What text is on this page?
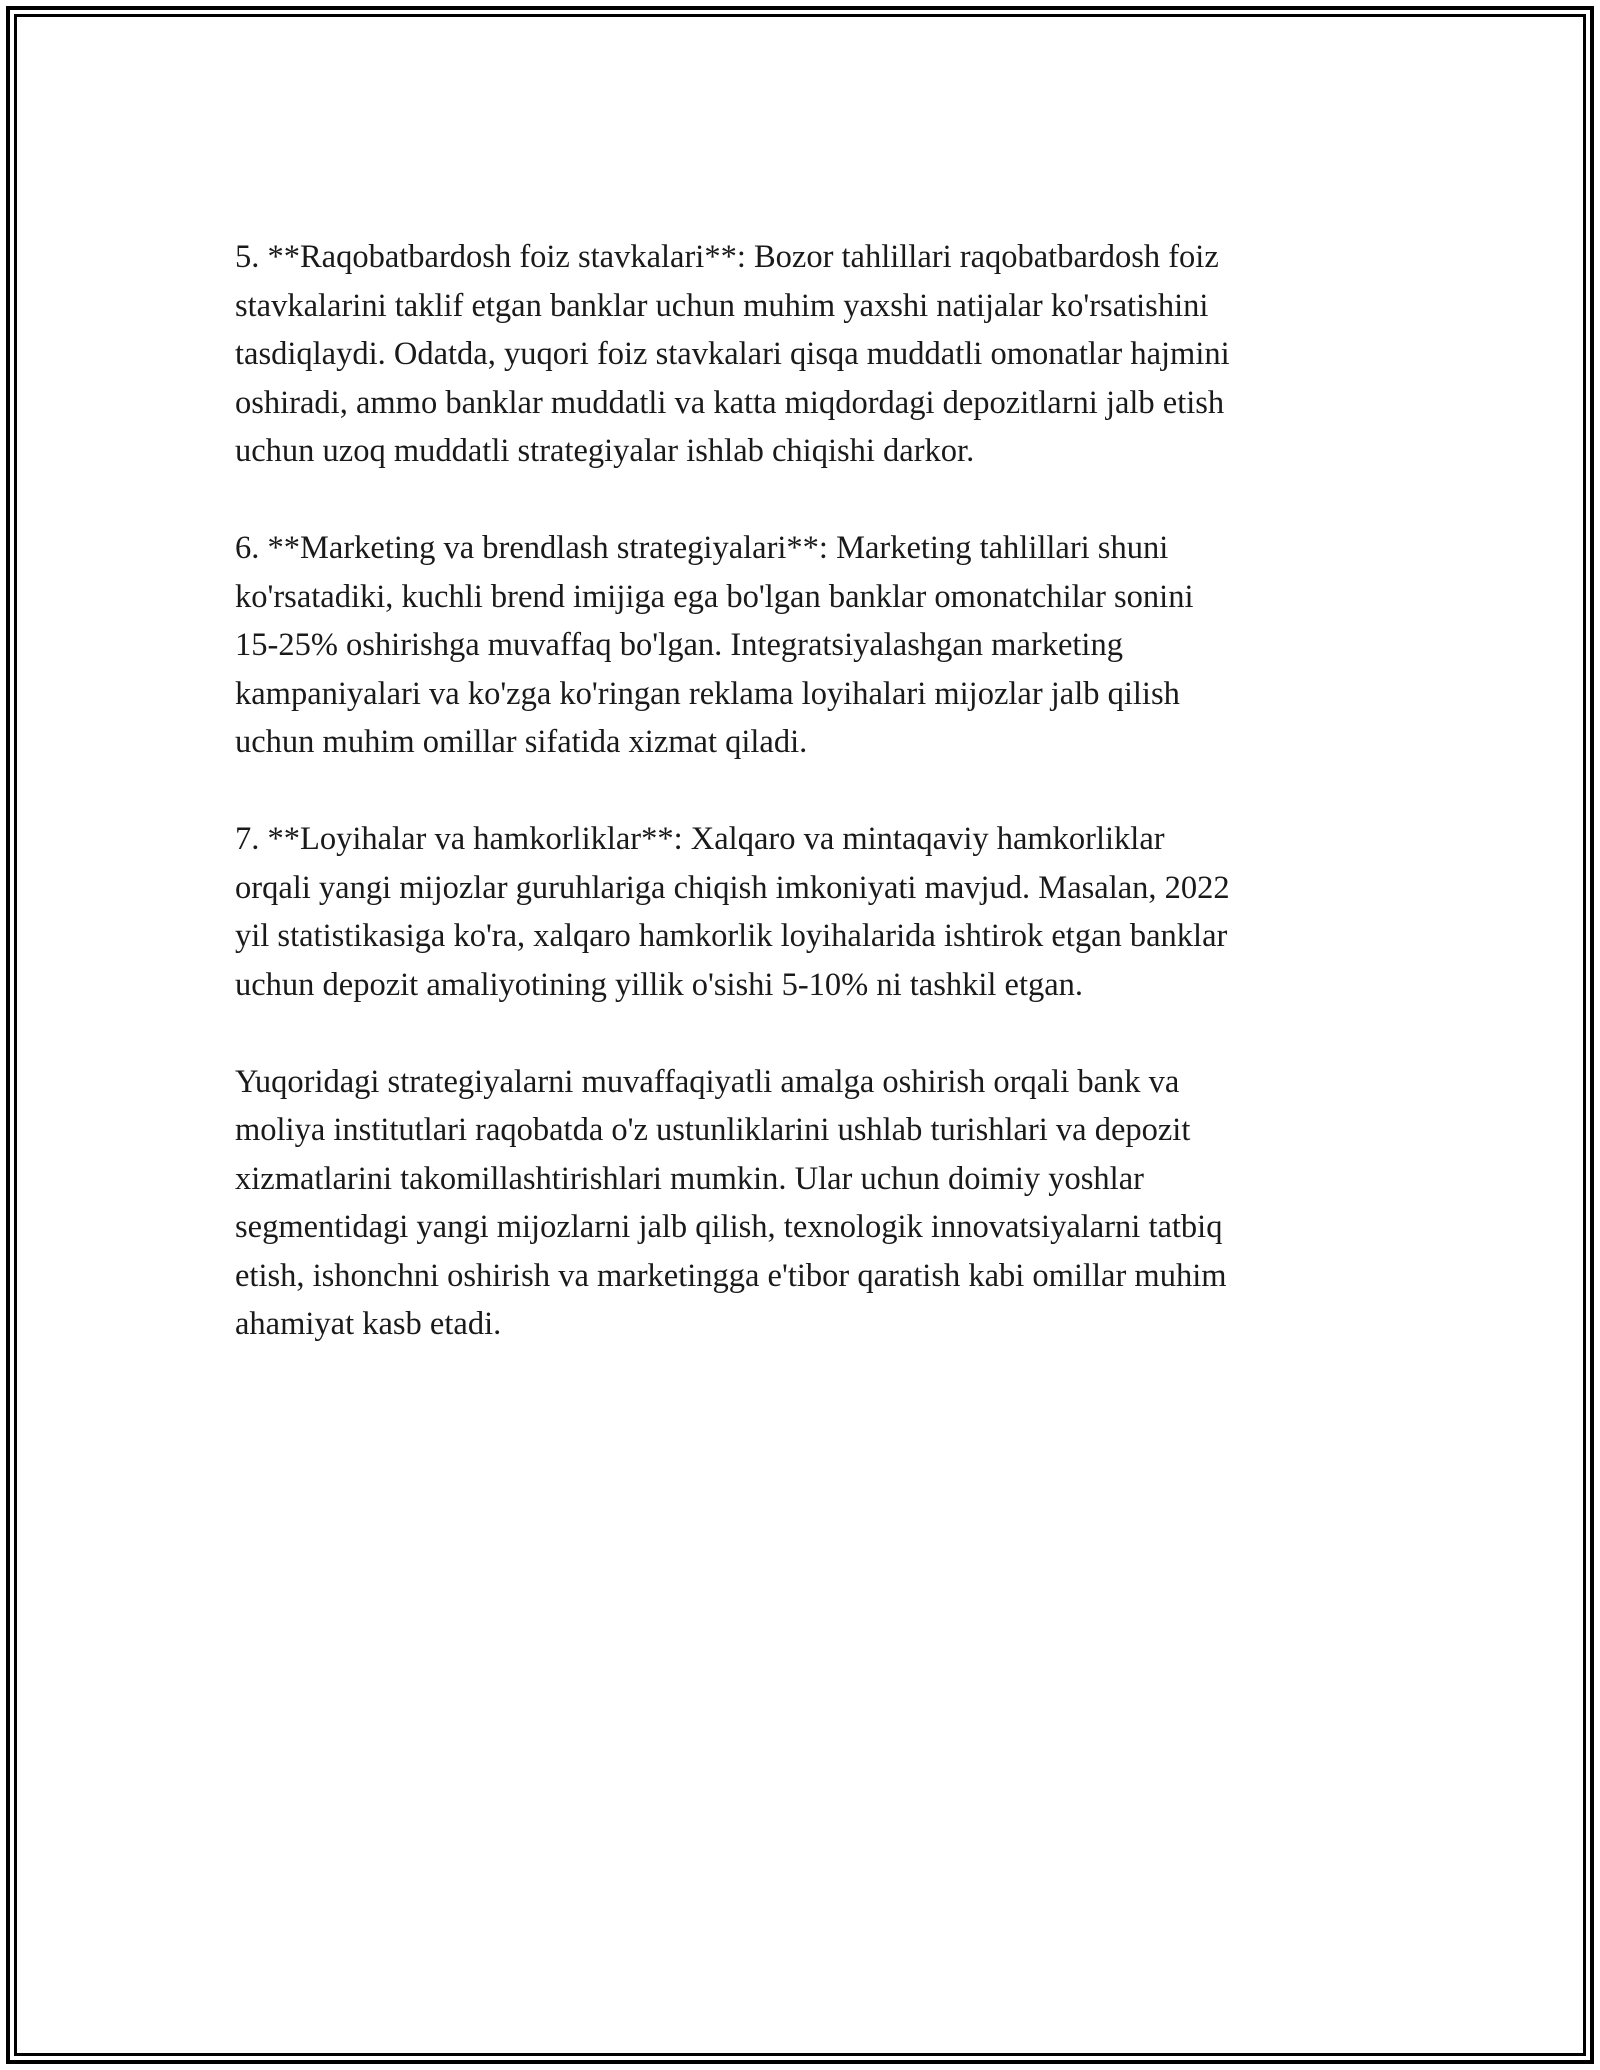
5. **Raqobatbardosh foiz stavkalari**: Bozor tahlillari raqobatbardosh foiz
stavkalarini taklif etgan banklar uchun muhim yaxshi natijalar ko'rsatishini
tasdiqlaydi. Odatda, yuqori foiz stavkalari qisqa muddatli omonatlar hajmini
oshiradi, ammo banklar muddatli va katta miqdordagi depozitlarni jalb etish
uchun uzoq muddatli strategiyalar ishlab chiqishi darkor.

6. **Marketing va brendlash strategiyalari**: Marketing tahlillari shuni
ko'rsatadiki, kuchli brend imijiga ega bo'lgan banklar omonatchilar sonini
15-25% oshirishga muvaffaq bo'lgan. Integratsiyalashgan marketing
kampaniyalari va ko'zga ko'ringan reklama loyihalari mijozlar jalb qilish
uchun muhim omillar sifatida xizmat qiladi.

7. **Loyihalar va hamkorliklar**: Xalqaro va mintaqaviy hamkorliklar
orqali yangi mijozlar guruhlariga chiqish imkoniyati mavjud. Masalan, 2022
yil statistikasiga ko'ra, xalqaro hamkorlik loyihalarida ishtirok etgan banklar
uchun depozit amaliyotining yillik o'sishi 5-10% ni tashkil etgan.

Yuqoridagi strategiyalarni muvaffaqiyatli amalga oshirish orqali bank va
moliya institutlari raqobatda o'z ustunliklarini ushlab turishlari va depozit
xizmatlarini takomillashtirishlari mumkin. Ular uchun doimiy yoshlar
segmentidagi yangi mijozlarni jalb qilish, texnologik innovatsiyalarni tatbiq
etish, ishonchni oshirish va marketingga e'tibor qaratish kabi omillar muhim
ahamiyat kasb etadi.
